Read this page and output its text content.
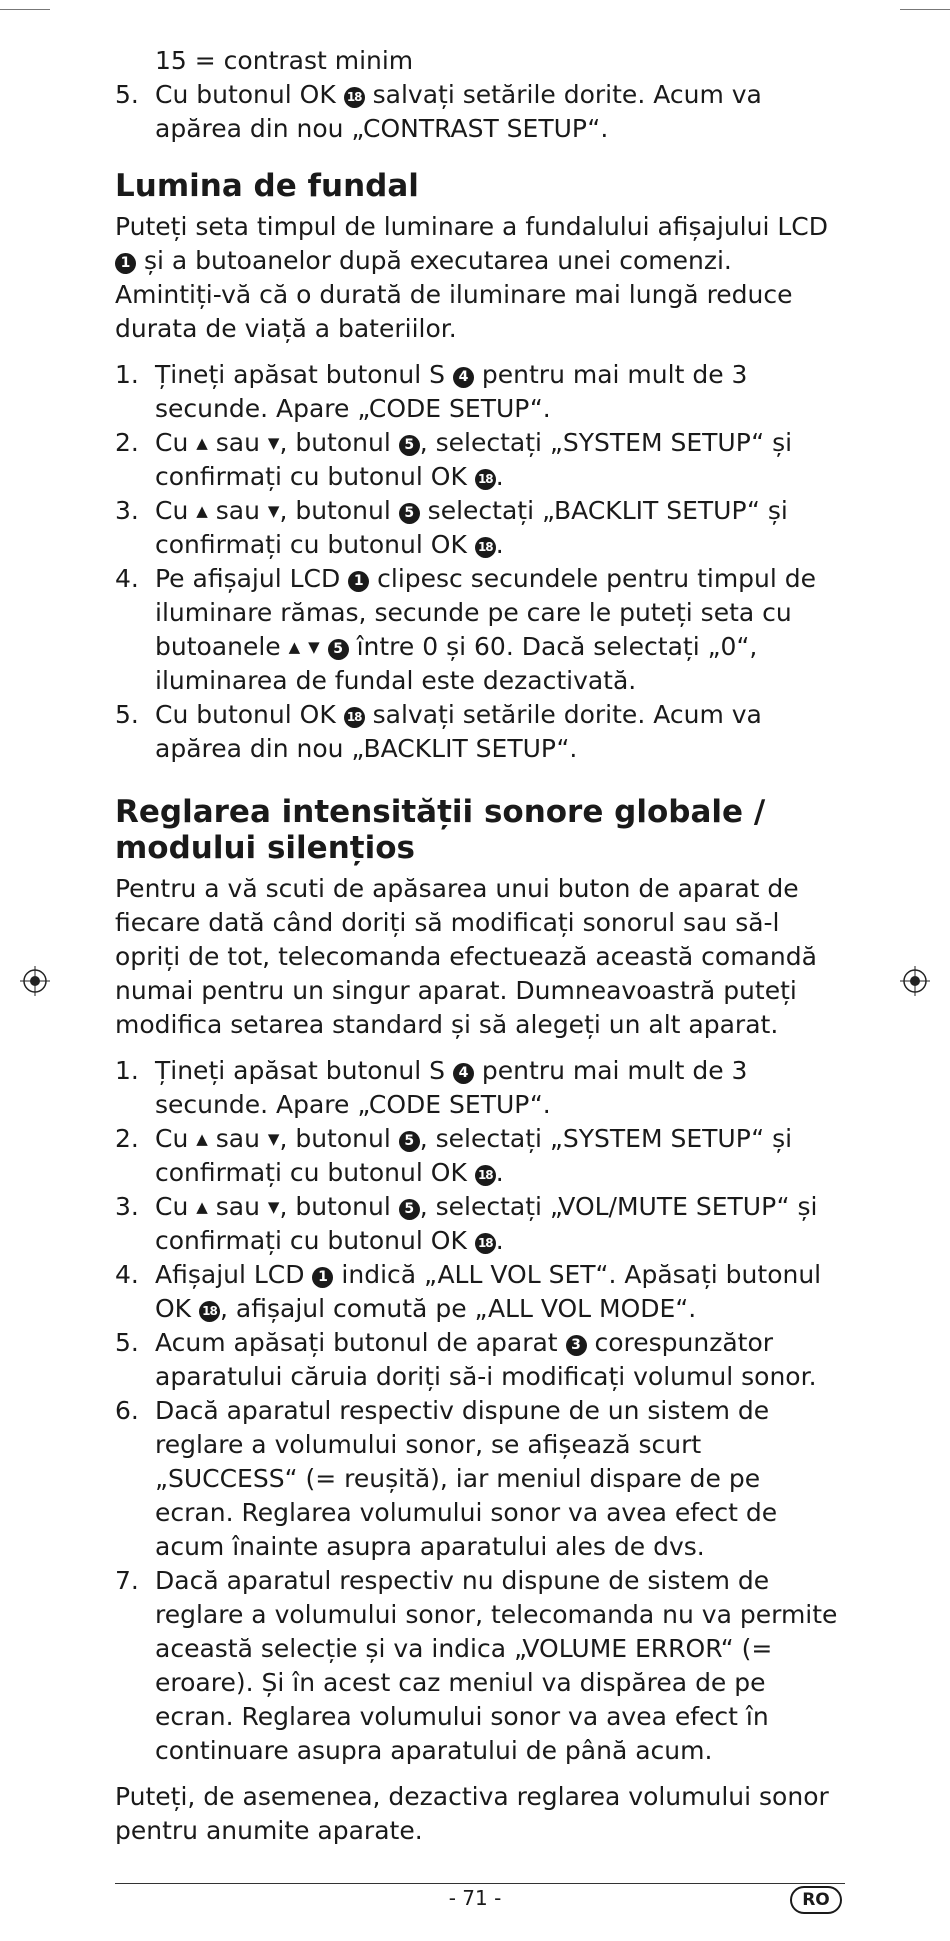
15 = contrast minim
5. Cu butonul OK 18 salvați setările dorite. Acum va apărea din nou „CONTRAST SETUP“.
Lumina de fundal

Puteți seta timpul de luminare a fundalului afișajului LCD 1 și a butoanelor după executarea unei comenzi. Amintiți-vă că o durată de iluminare mai lungă reduce durata de viață a bateriilor.

1. Țineți apăsat butonul S 4 pentru mai mult de 3 secunde. Apare „CODE SETUP“.
2. Cu ▲ sau ▼, butonul 5 , selectați „SYSTEM SETUP“ și confirmați cu butonul OK 18 .
3. Cu ▲ sau ▼, butonul 5 selectați „BACKLIT SETUP“ și confirmați cu butonul OK 18 .
4. Pe afișajul LCD 1 clipesc secundele pentru timpul de iluminare rămas, secunde pe care le puteți seta cu butoanele ▲ ▼ 5 între 0 și 60. Dacă selectați „0“, iluminarea de fundal este dezactivată.
5. Cu butonul OK 18 salvați setările dorite. Acum va apărea din nou „BACKLIT SETUP“.
Reglarea intensității sonore globale / modului silențios

Pentru a vă scuti de apăsarea unui buton de aparat de fiecare dată când doriți să modificați sonorul sau să-l opriți de tot, telecomanda efectuează această comandă numai pentru un singur aparat. Dumneavoastră puteți modifica setarea standard și să alegeți un alt aparat.

1. Țineți apăsat butonul S 4 pentru mai mult de 3 secunde. Apare „CODE SETUP“.
2. Cu ▲ sau ▼, butonul 5 , selectați „SYSTEM SETUP“ și confirmați cu butonul OK 18 .
3. Cu ▲ sau ▼, butonul 5 , selectați „VOL/MUTE SETUP“ și confirmați cu butonul OK 18 .
4. Afișajul LCD 1 indică „ALL VOL SET“. Apăsați butonul OK 18 , afișajul comută pe „ALL VOL MODE“.
5. Acum apăsați butonul de aparat 3 corespunzător aparatului căruia doriți să-i modificați volumul sonor.
6. Dacă aparatul respectiv dispune de un sistem de reglare a volumului sonor, se afișează scurt „SUCCESS“ (= reușită), iar meniul dispare de pe ecran. Reglarea volumului sonor va avea efect de acum înainte asupra aparatului ales de dvs.
7. Dacă aparatul respectiv nu dispune de sistem de reglare a volumului sonor, telecomanda nu va permite această selecție și va indica „VOLUME ERROR“ (= eroare). Și în acest caz meniul va dispărea de pe ecran. Reglarea volumului sonor va avea efect în continuare asupra aparatului de până acum.

Puteți, de asemenea, dezactiva reglarea volumului sonor pentru anumite aparate.

- 71 -	RO
